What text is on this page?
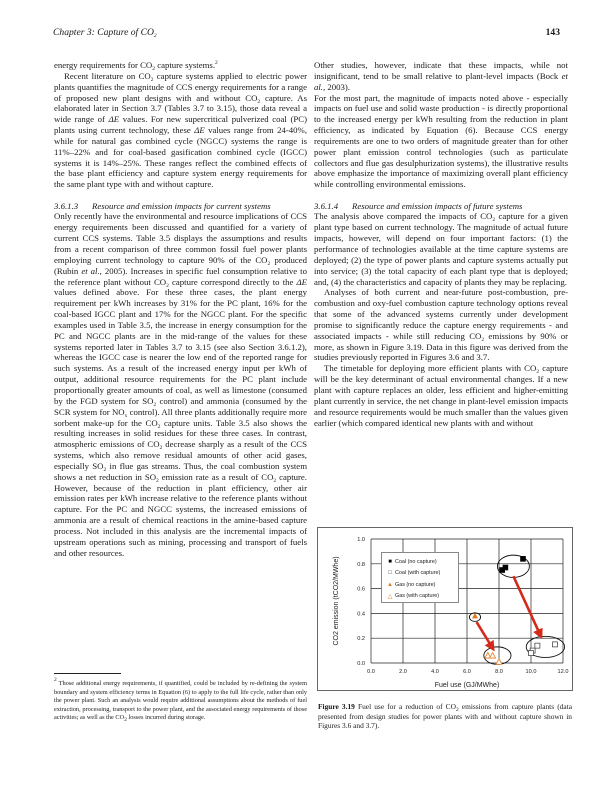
Chapter 3: Capture of $CO_2$	143

energy requirements for $CO_2$ capture systems.$^2$

Recent literature on $CO_2$ capture systems applied to electric power plants quantifies the magnitude of CCS energy requirements for a range of proposed new plant designs with and without $CO_2$ capture. As elaborated later in Section 3.7 (Tables 3.7 to 3.15), those data reveal a wide range of ΔE values. For new supercritical pulverized coal (PC) plants using current technology, these ΔE values range from 24-40%, while for natural gas combined cycle (NGCC) systems the range is 11%–22% and for coal-based gasification combined cycle (IGCC) systems it is 14%–25%. These ranges reflect the combined effects of the base plant efficiency and capture system energy requirements for the same plant type with and without capture.

3.6.1.3 Resource and emission impacts for current systems

Only recently have the environmental and resource implications of CCS energy requirements been discussed and quantified for a variety of current CCS systems. Table 3.5 displays the assumptions and results from a recent comparison of three common fossil fuel power plants employing current technology to capture 90% of the $CO_2$ produced (Rubin et al., 2005). Increases in specific fuel consumption relative to the reference plant without $CO_2$ capture correspond directly to the ΔE values defined above. For these three cases, the plant energy requirement per kWh increases by 31% for the PC plant, 16% for the coal-based IGCC plant and 17% for the NGCC plant. For the specific examples used in Table 3.5, the increase in energy consumption for the PC and NGCC plants are in the mid-range of the values for these systems reported later in Tables 3.7 to 3.15 (see also Section 3.6.1.2), whereas the IGCC case is nearer the low end of the reported range for such systems. As a result of the increased energy input per kWh of output, additional resource requirements for the PC plant include proportionally greater amounts of coal, as well as limestone (consumed by the FGD system for $SO_2$ control) and ammonia (consumed by the SCR system for $NO_x$ control). All three plants additionally require more sorbent make-up for the $CO_2$ capture units. Table 3.5 also shows the resulting increases in solid residues for these three cases. In contrast, atmospheric emissions of $CO_2$ decrease sharply as a result of the CCS systems, which also remove residual amounts of other acid gases, especially $SO_2$ in flue gas streams. Thus, the coal combustion system shows a net reduction in $SO_2$ emission rate as a result of $CO_2$ capture. However, because of the reduction in plant efficiency, other air emission rates per kWh increase relative to the reference plants without capture. For the PC and NGCC systems, the increased emissions of ammonia are a result of chemical reactions in the amine-based capture process. Not included in this analysis are the incremental impacts of upstream operations such as mining, processing and transport of fuels and other resources.

$^2$ Those additional energy requirements, if quantified, could be included by re-defining the system boundary and system efficiency terms in Equation (6) to apply to the full life cycle, rather than only the power plant. Such an analysis would require additional assumptions about the methods of fuel extraction, processing, transport to the power plant, and the associated energy requirements of those activities; as well as the $CO_2$ losses incurred during storage.

Other studies, however, indicate that these impacts, while not insignificant, tend to be small relative to plant-level impacts (Bock et al., 2003).

For the most part, the magnitude of impacts noted above - especially impacts on fuel use and solid waste production - is directly proportional to the increased energy per kWh resulting from the reduction in plant efficiency, as indicated by Equation (6). Because CCS energy requirements are one to two orders of magnitude greater than for other power plant emission control technologies (such as particulate collectors and flue gas desulphurization systems), the illustrative results above emphasize the importance of maximizing overall plant efficiency while controlling environmental emissions.

3.6.1.4 Resource and emission impacts of future systems

The analysis above compared the impacts of $CO_2$ capture for a given plant type based on current technology. The magnitude of actual future impacts, however, will depend on four important factors: (1) the performance of technologies available at the time capture systems are deployed; (2) the type of power plants and capture systems actually put into service; (3) the total capacity of each plant type that is deployed; and, (4) the characteristics and capacity of plants they may be replacing.

Analyses of both current and near-future post-combustion, pre-combustion and oxy-fuel combustion capture technology options reveal that some of the advanced systems currently under development promise to significantly reduce the capture energy requirements - and associated impacts - while still reducing $CO_2$ emissions by 90% or more, as shown in Figure 3.19. Data in this figure was derived from the studies previously reported in Figures 3.6 and 3.7.

The timetable for deploying more efficient plants with $CO_2$ capture will be the key determinant of actual environmental changes. If a new plant with capture replaces an older, less efficient and higher-emitting plant currently in service, the net change in plant-level emission impacts and resource requirements would be much smaller than the values given earlier (which compared identical new plants with and without

0.0	2.0	4.0	6.0	8.0	10.0	12.0
0.0
0.2
0.4
0.6
0.8
1.0
Fuel use (GJ/MWhe)
CO2 emission (tCO2/MWhe)	■ Coal (no capture)
□ Coal (with capture)
▲ Gas (no capture)
△ Gas (with capture)
Figure 3.19 Fuel use for a reduction of $CO_2$ emissions from capture plants (data presented from design studies for power plants with and without capture shown in Figures 3.6 and 3.7).
